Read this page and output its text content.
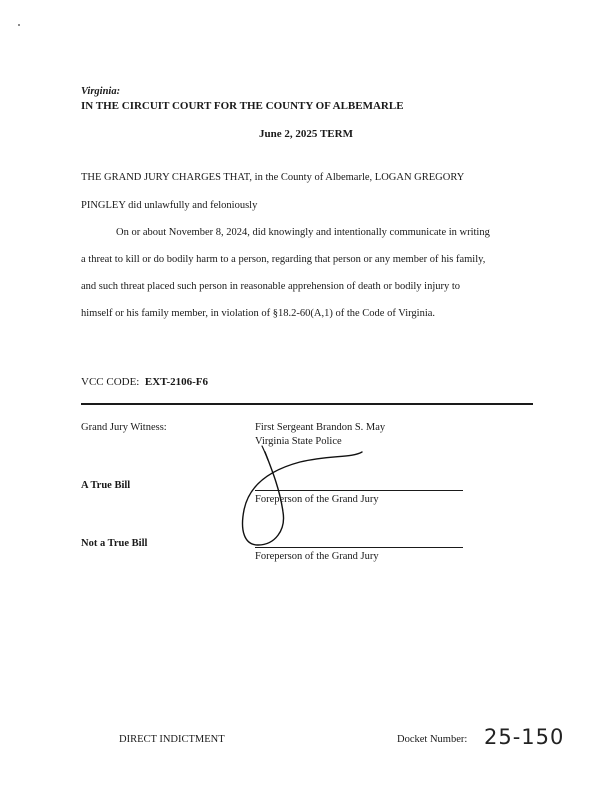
Virginia:
IN THE CIRCUIT COURT FOR THE COUNTY OF ALBEMARLE
June 2, 2025 TERM
THE GRAND JURY CHARGES THAT, in the County of Albemarle, LOGAN GREGORY
PINGLEY did unlawfully and feloniously
On or about November 8, 2024, did knowingly and intentionally communicate in writing
a threat to kill or do bodily harm to a person, regarding that person or any member of his family,
and such threat placed such person in reasonable apprehension of death or bodily injury to
himself or his family member, in violation of §18.2-60(A,1) of the Code of Virginia.
VCC CODE: EXT-2106-F6
Grand Jury Witness:	First Sergeant Brandon S. May
Virginia State Police
A True Bill
Foreperson of the Grand Jury
Not a True Bill
Foreperson of the Grand Jury
DIRECT INDICTMENT	Docket Number: 25-150
